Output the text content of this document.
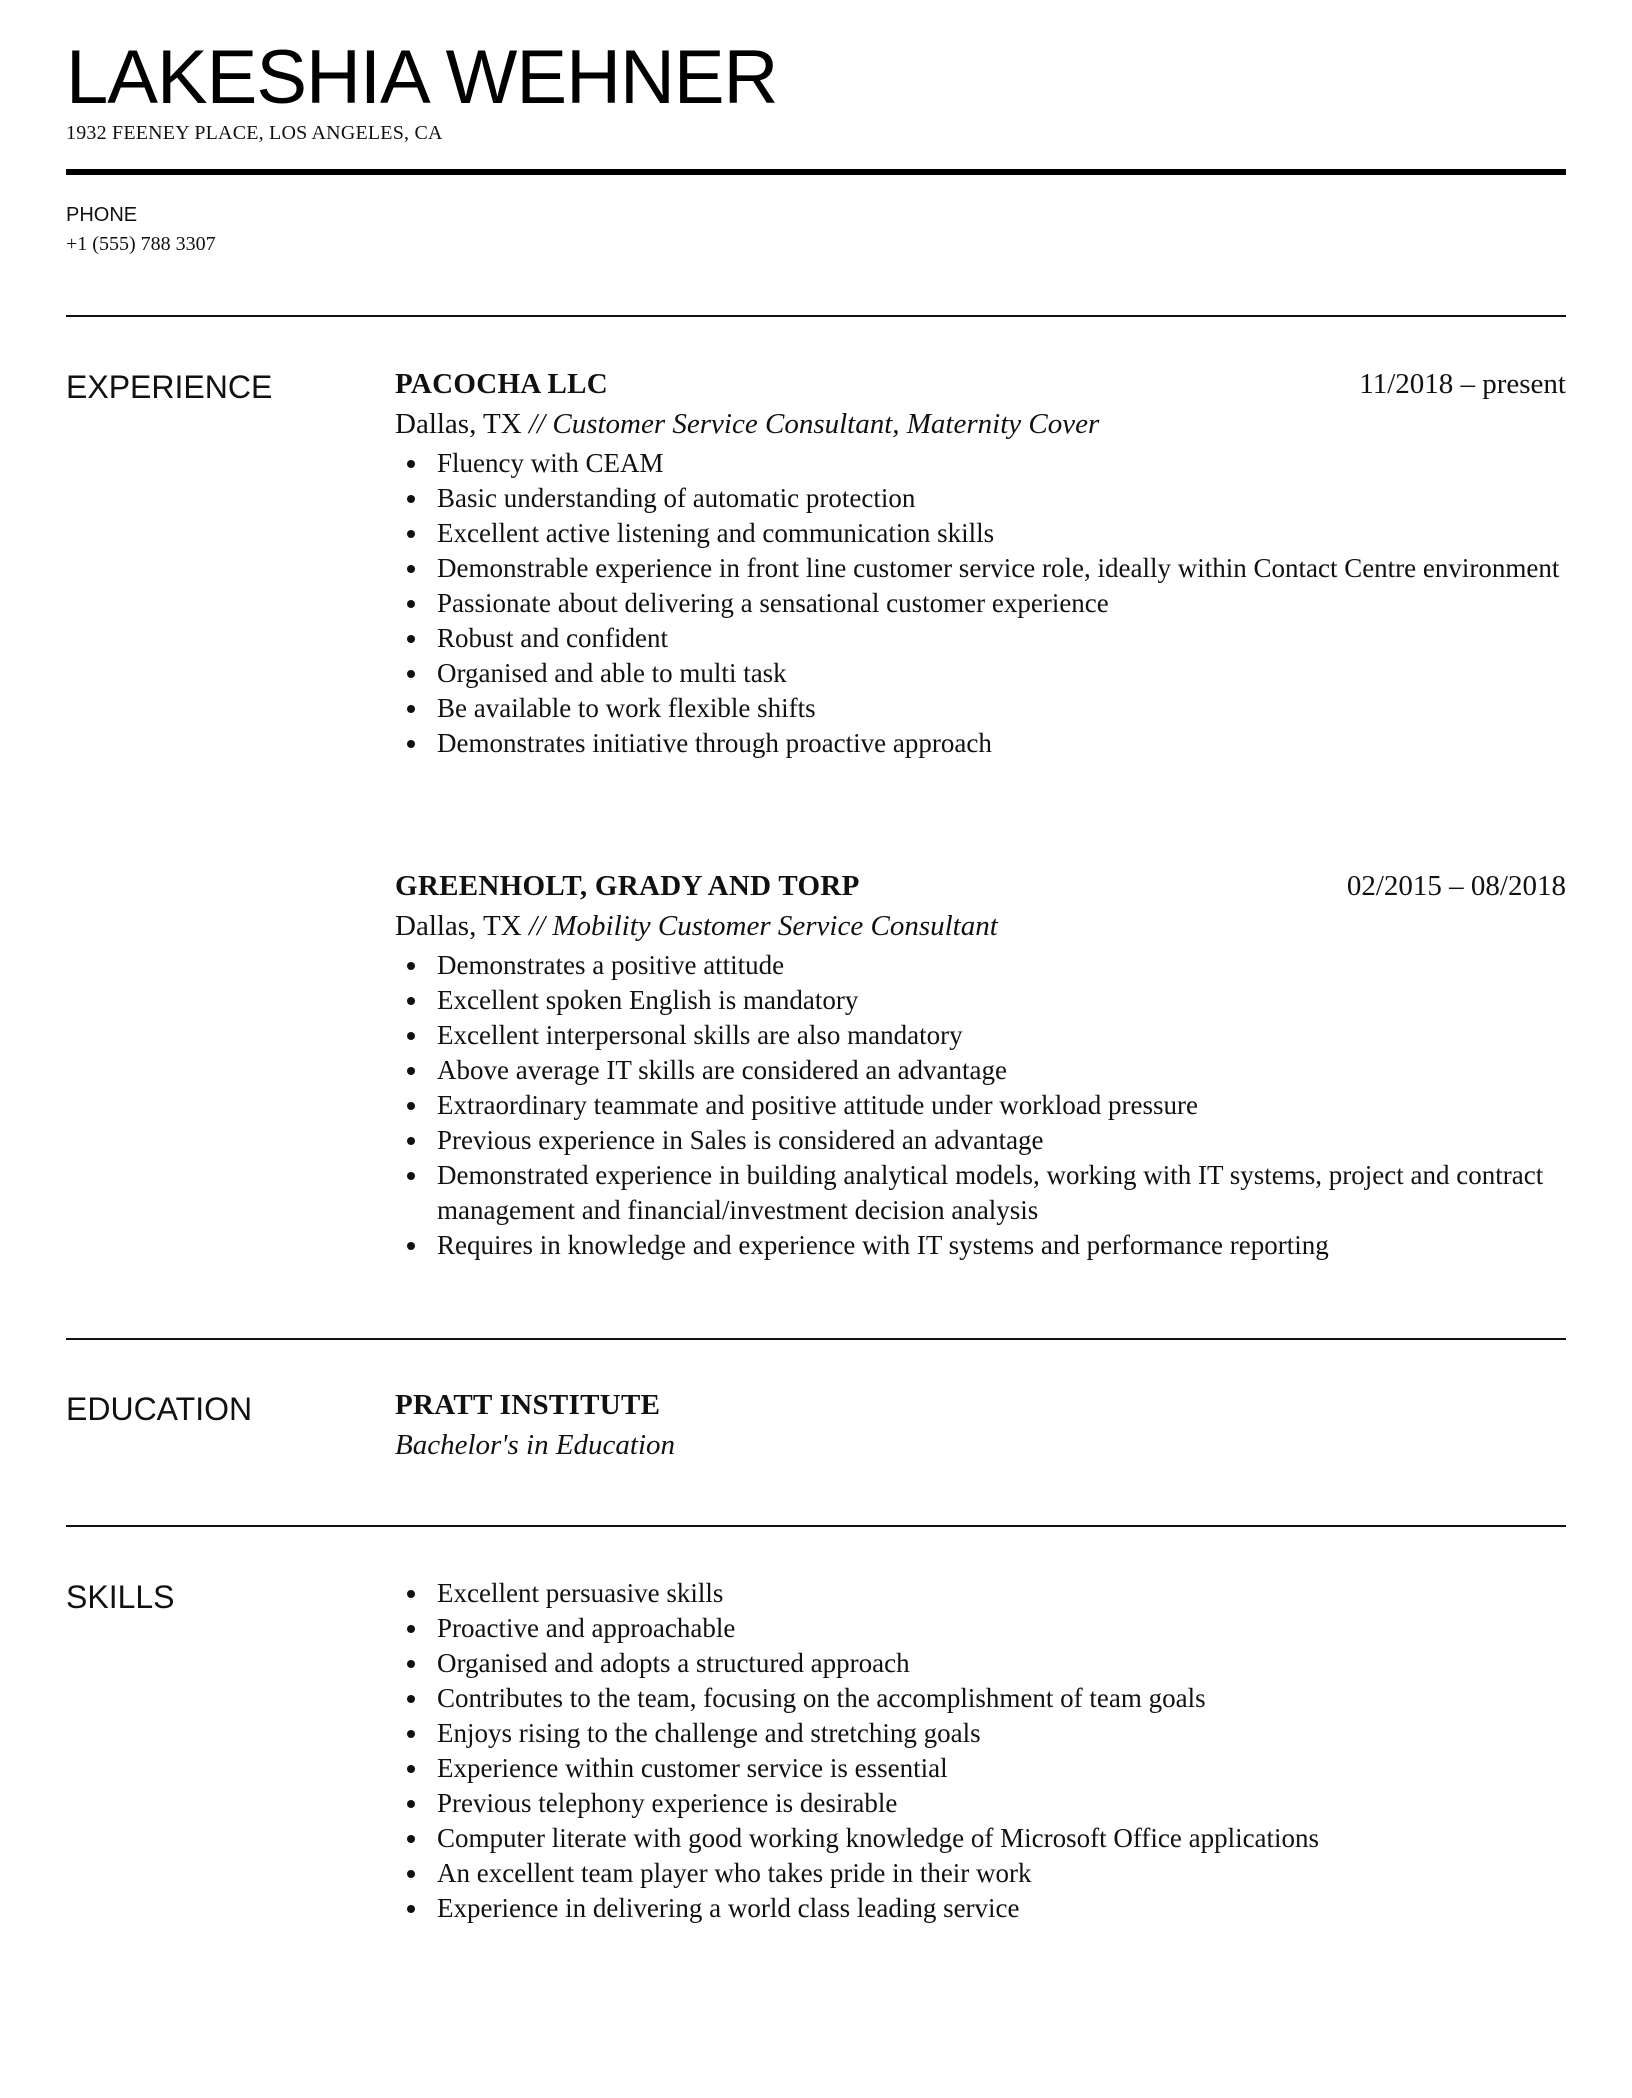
LAKESHIA WEHNER
1932 FEENEY PLACE, LOS ANGELES, CA
PHONE
+1 (555) 788 3307
EXPERIENCE	PACOCHA LLC	11/2018 – present
Dallas, TX // Customer Service Consultant, Maternity Cover
Fluency with CEAM
Basic understanding of automatic protection
Excellent active listening and communication skills
Demonstrable experience in front line customer service role, ideally within Contact Centre environment
Passionate about delivering a sensational customer experience
Robust and confident
Organised and able to multi task
Be available to work flexible shifts
Demonstrates initiative through proactive approach
GREENHOLT, GRADY AND TORP	02/2015 – 08/2018
Dallas, TX // Mobility Customer Service Consultant
Demonstrates a positive attitude
Excellent spoken English is mandatory
Excellent interpersonal skills are also mandatory
Above average IT skills are considered an advantage
Extraordinary teammate and positive attitude under workload pressure
Previous experience in Sales is considered an advantage
Demonstrated experience in building analytical models, working with IT systems, project and contract management and financial/investment decision analysis
Requires in knowledge and experience with IT systems and performance reporting
EDUCATION	PRATT INSTITUTE
Bachelor's in Education
SKILLS	Excellent persuasive skills
Proactive and approachable
Organised and adopts a structured approach
Contributes to the team, focusing on the accomplishment of team goals
Enjoys rising to the challenge and stretching goals
Experience within customer service is essential
Previous telephony experience is desirable
Computer literate with good working knowledge of Microsoft Office applications
An excellent team player who takes pride in their work
Experience in delivering a world class leading service
